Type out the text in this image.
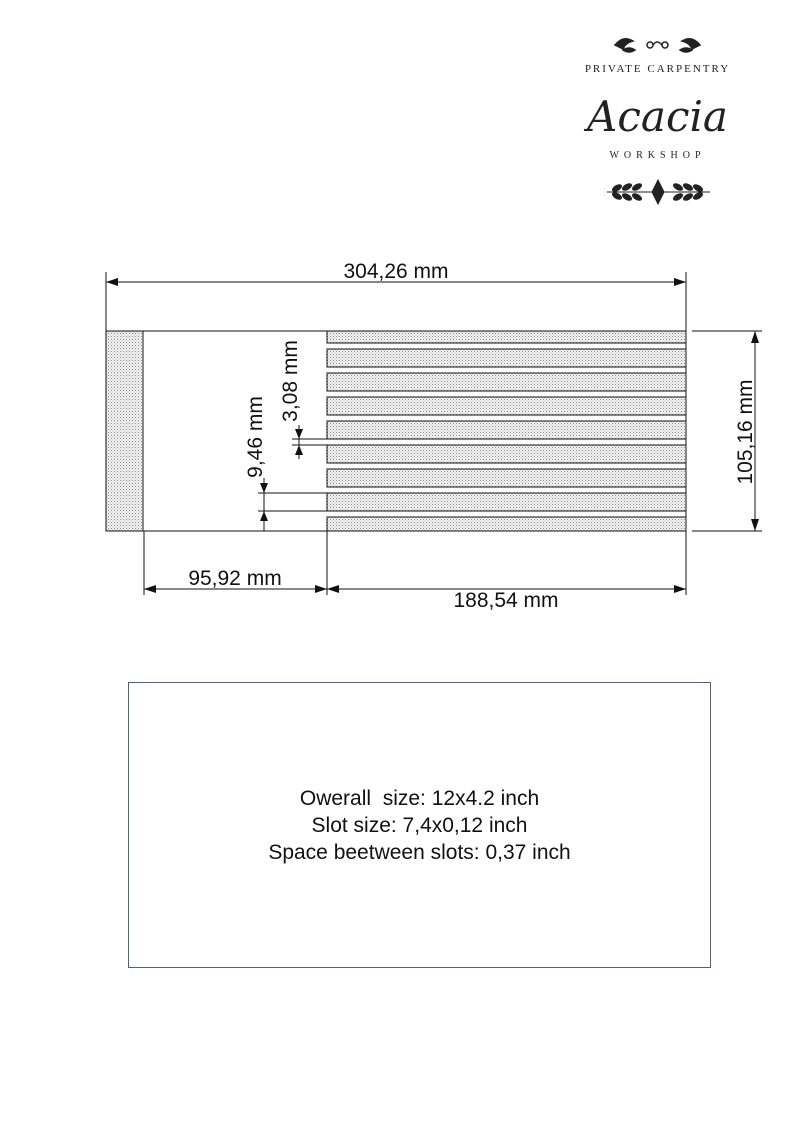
PRIVATE CARPENTRY
Acacia
WORKSHOP
304,26 mm
105,16 mm
95,92 mm
188,54 mm
3,08 mm
9,46 mm
Owerall  size: 12x4.2 inch
Slot size: 7,4x0,12 inch
Space beetween slots: 0,37 inch
